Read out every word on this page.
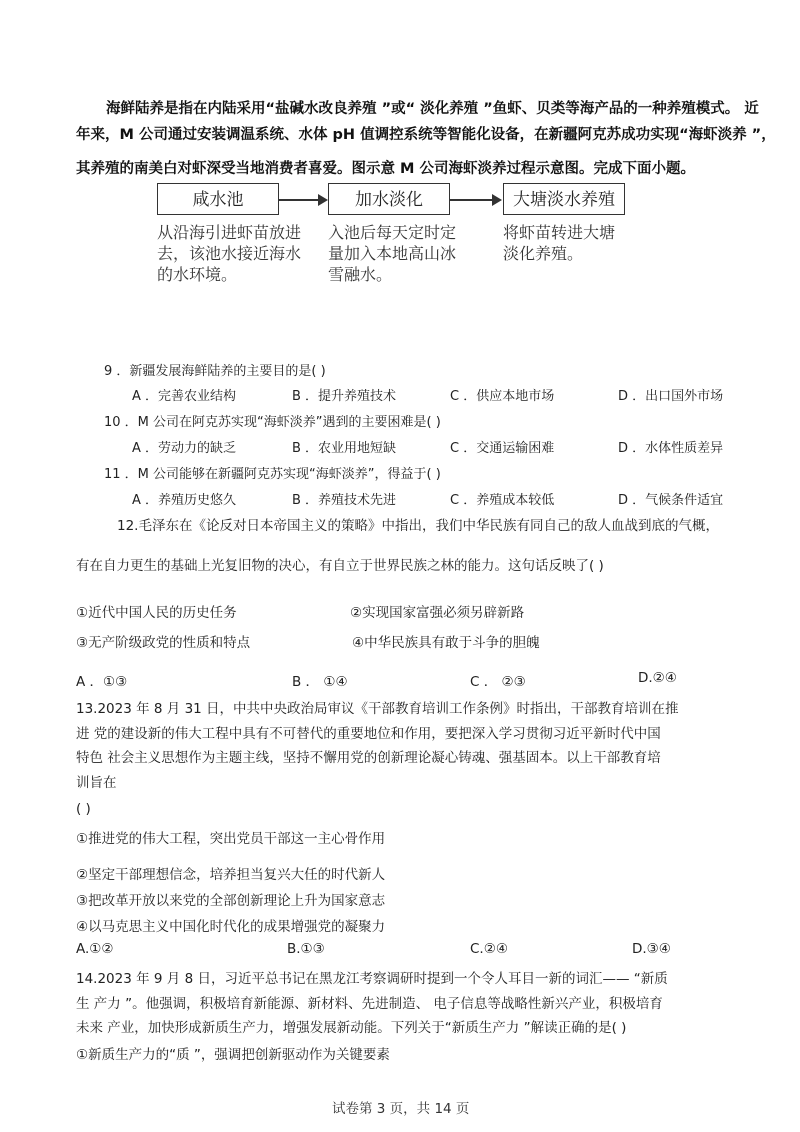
海鲜陆养是指在内陆采用“盐碱水改良养殖 ”或“ 淡化养殖 ”鱼虾、贝类等海产品的一种养殖模式。 近
年来，M 公司通过安装调温系统、水体 pH 值调控系统等智能化设备，在新疆阿克苏成功实现“海虾淡养 ”，
其养殖的南美白对虾深受当地消费者喜爱。图示意 M 公司海虾淡养过程示意图。完成下面小题。
咸水池	加水淡化	大塘淡水养殖
从沿海引进虾苗放进去，该池水接近海水的水环境。
入池后每天定时定量加入本地高山冰雪融水。
将虾苗转进大塘淡化养殖。
9 ．新疆发展海鲜陆养的主要目的是( )
A ．完善农业结构	B ．提升养殖技术	C ．供应本地市场	D ．出口国外市场
10 ．M 公司在阿克苏实现“海虾淡养”遇到的主要困难是( )
A ．劳动力的缺乏	B ．农业用地短缺	C ．交通运输困难	D ．水体性质差异
11 ．M 公司能够在新疆阿克苏实现“海虾淡养”，得益于( )
A ．养殖历史悠久	B ．养殖技术先进	C ．养殖成本较低	D ．气候条件适宜
12.毛泽东在《论反对日本帝国主义的策略》中指出，我们中华民族有同自己的敌人血战到底的气概，
有在自力更生的基础上光复旧物的决心，有自立于世界民族之林的能力。这句话反映了( )
①近代中国人民的历史任务	②实现国家富强必须另辟新路
③无产阶级政党的性质和特点	④中华民族具有敢于斗争的胆魄
A ．①③	B ． ①④	C ． ②③	D.②④
13.2023 年 8 月 31 日，中共中央政治局审议《干部教育培训工作条例》时指出，干部教育培训在推
进 党的建设新的伟大工程中具有不可替代的重要地位和作用，要把深入学习贯彻习近平新时代中国
特色 社会主义思想作为主题主线，坚持不懈用党的创新理论凝心铸魂、强基固本。以上干部教育培
训旨在
( )
①推进党的伟大工程，突出党员干部这一主心骨作用
②坚定干部理想信念，培养担当复兴大任的时代新人
③把改革开放以来党的全部创新理论上升为国家意志
④以马克思主义中国化时代化的成果增强党的凝聚力
A.①②	B.①③	C.②④	D.③④
14.2023 年 9 月 8 日，习近平总书记在黑龙江考察调研时提到一个令人耳目一新的词汇—— “新质
生 产力 ”。他强调，积极培育新能源、新材料、先进制造、 电子信息等战略性新兴产业，积极培育
未来 产业，加快形成新质生产力，增强发展新动能。下列关于“新质生产力 ”解读正确的是( )
①新质生产力的“质 ”，强调把创新驱动作为关键要素
试卷第 3 页，共 14 页
